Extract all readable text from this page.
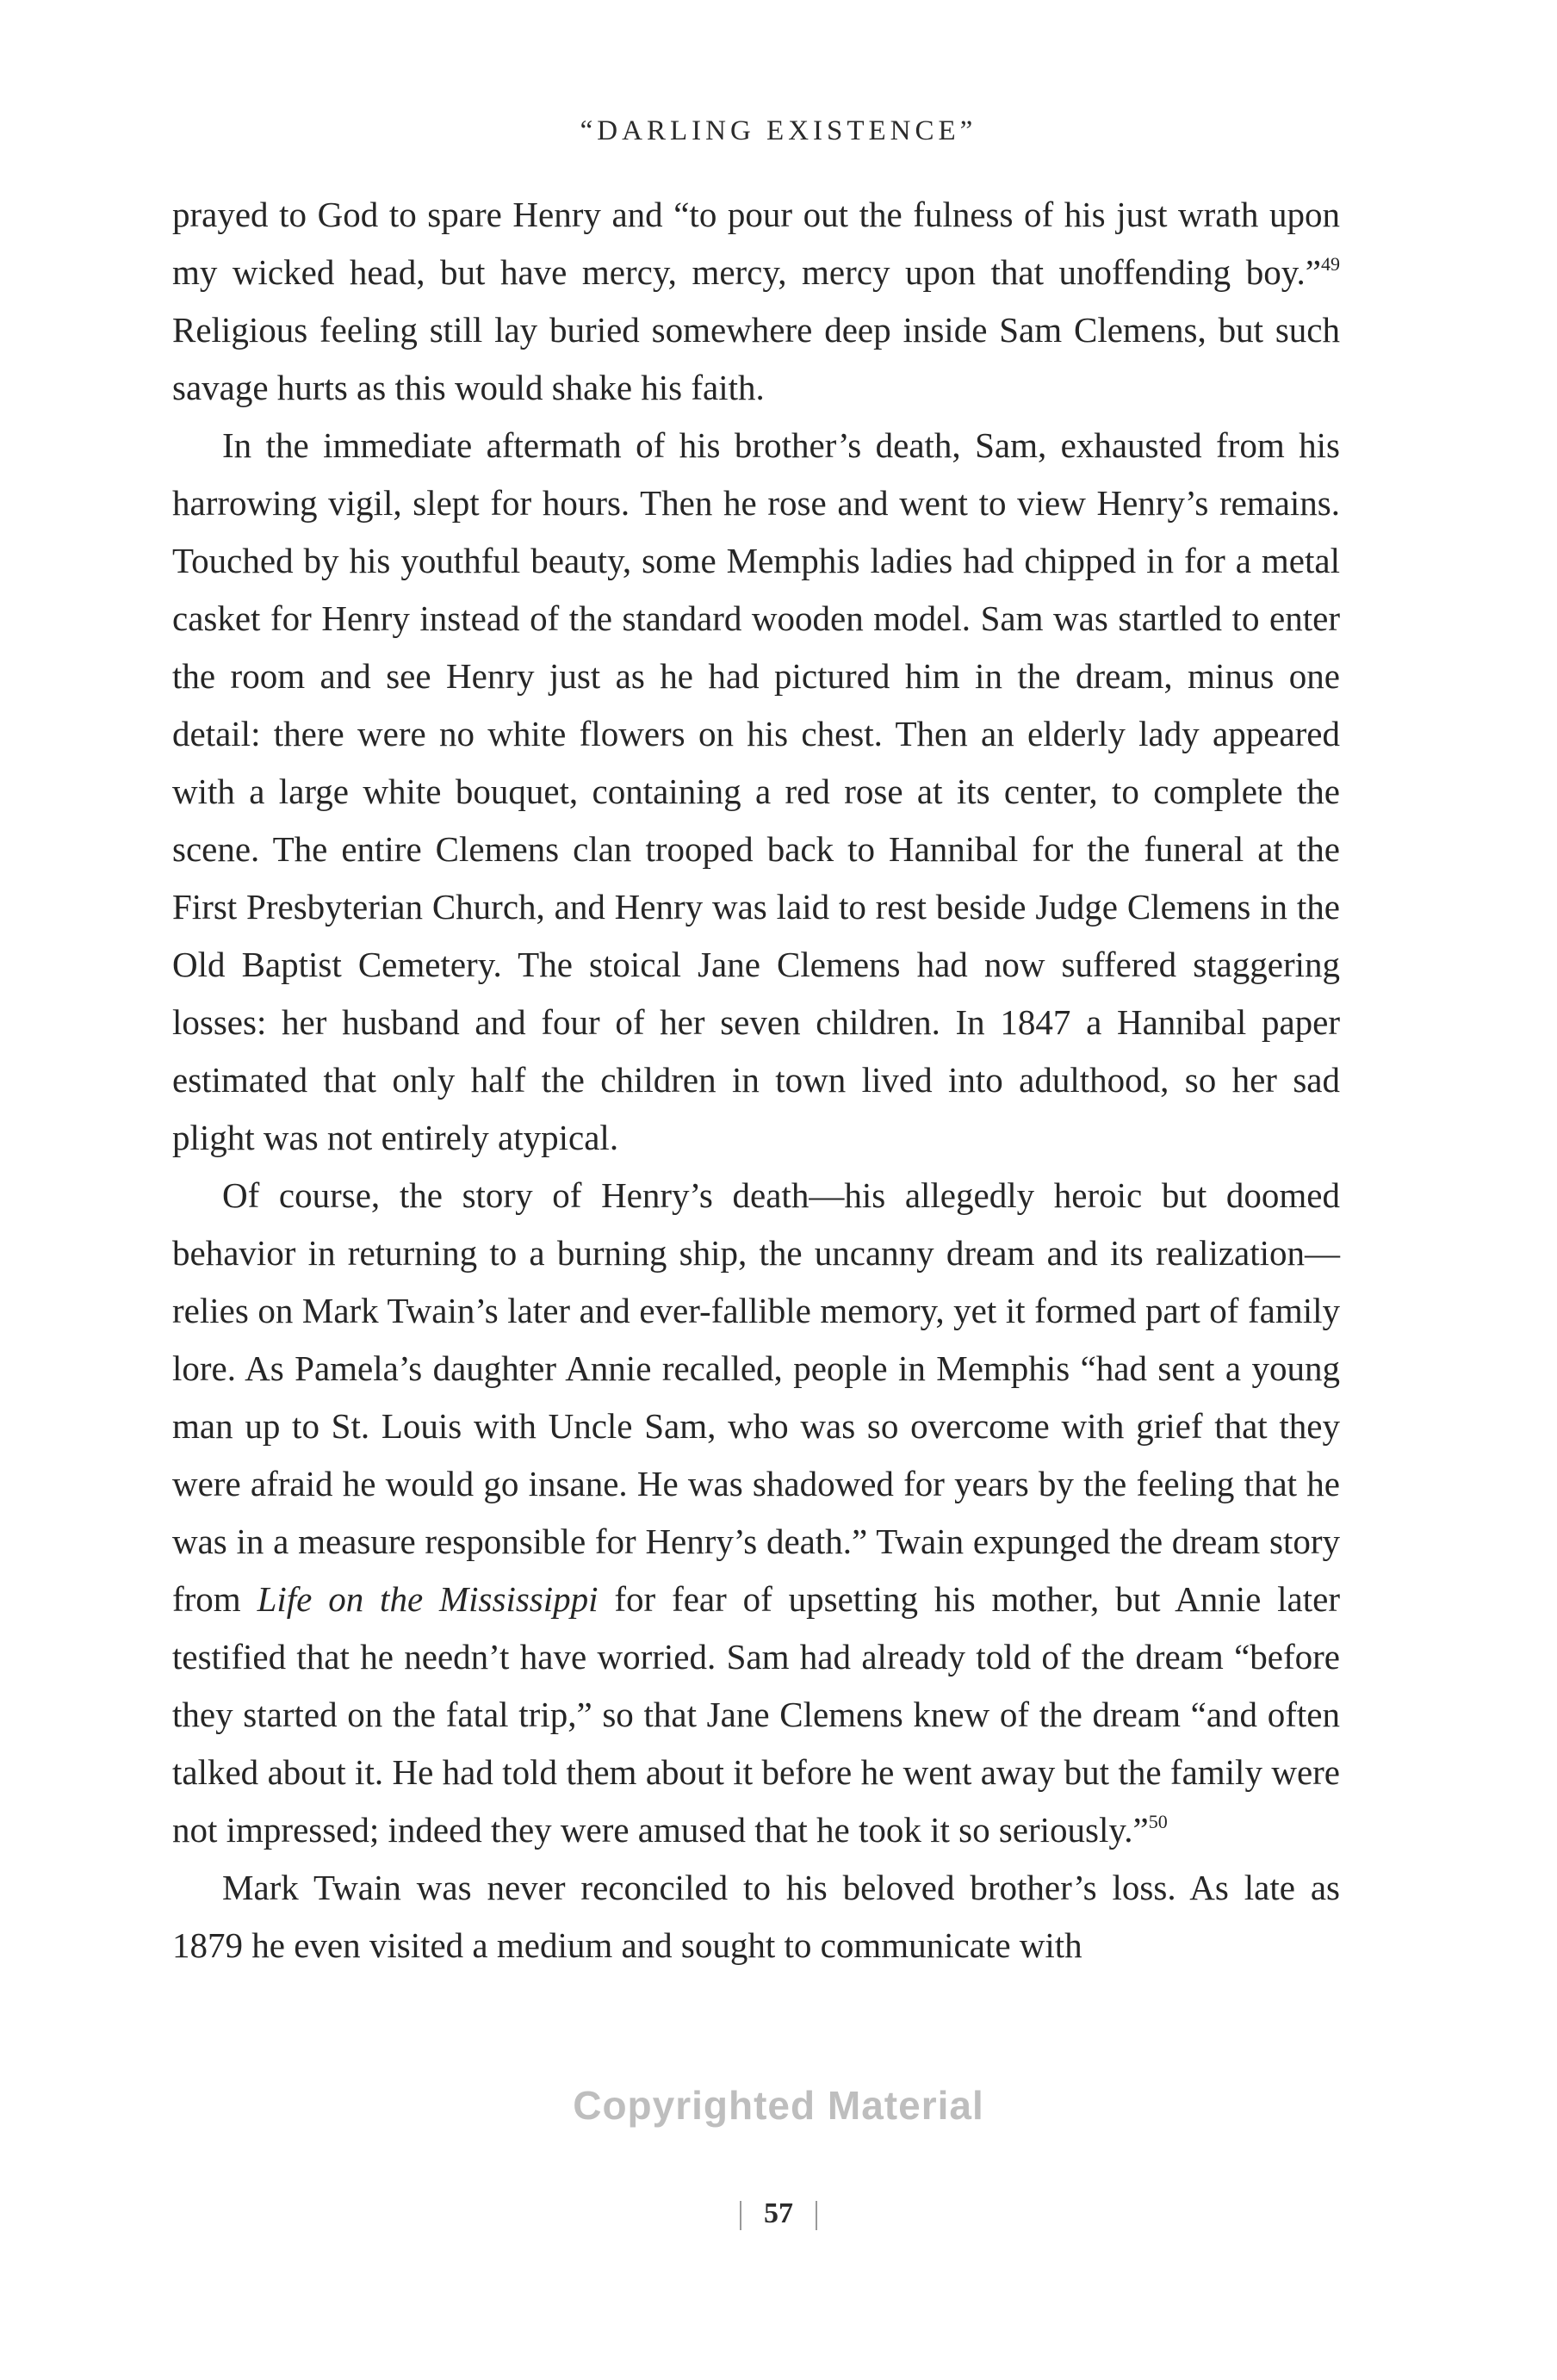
“DARLING EXISTENCE”

prayed to God to spare Henry and “to pour out the fulness of his just wrath upon my wicked head, but have mercy, mercy, mercy upon that unoffending boy.”$^{49}$ Religious feeling still lay buried somewhere deep inside Sam Clemens, but such savage hurts as this would shake his faith.

In the immediate aftermath of his brother’s death, Sam, exhausted from his harrowing vigil, slept for hours. Then he rose and went to view Henry’s remains. Touched by his youthful beauty, some Memphis ladies had chipped in for a metal casket for Henry instead of the standard wooden model. Sam was startled to enter the room and see Henry just as he had pictured him in the dream, minus one detail: there were no white flowers on his chest. Then an elderly lady appeared with a large white bouquet, containing a red rose at its center, to complete the scene. The entire Clemens clan trooped back to Hannibal for the funeral at the First Presbyterian Church, and Henry was laid to rest beside Judge Clemens in the Old Baptist Cemetery. The stoical Jane Clemens had now suffered staggering losses: her husband and four of her seven children. In 1847 a Hannibal paper estimated that only half the children in town lived into adulthood, so her sad plight was not entirely atypical.

Of course, the story of Henry’s death—his allegedly heroic but doomed behavior in returning to a burning ship, the uncanny dream and its realization—relies on Mark Twain’s later and ever-fallible memory, yet it formed part of family lore. As Pamela’s daughter Annie recalled, people in Memphis “had sent a young man up to St. Louis with Uncle Sam, who was so overcome with grief that they were afraid he would go insane. He was shadowed for years by the feeling that he was in a measure responsible for Henry’s death.” Twain expunged the dream story from Life on the Mississippi for fear of upsetting his mother, but Annie later testified that he needn’t have worried. Sam had already told of the dream “before they started on the fatal trip,” so that Jane Clemens knew of the dream “and often talked about it. He had told them about it before he went away but the family were not impressed; indeed they were amused that he took it so seriously.”$^{50}$

Mark Twain was never reconciled to his beloved brother’s loss. As late as 1879 he even visited a medium and sought to communicate with

Copyrighted Material
57
